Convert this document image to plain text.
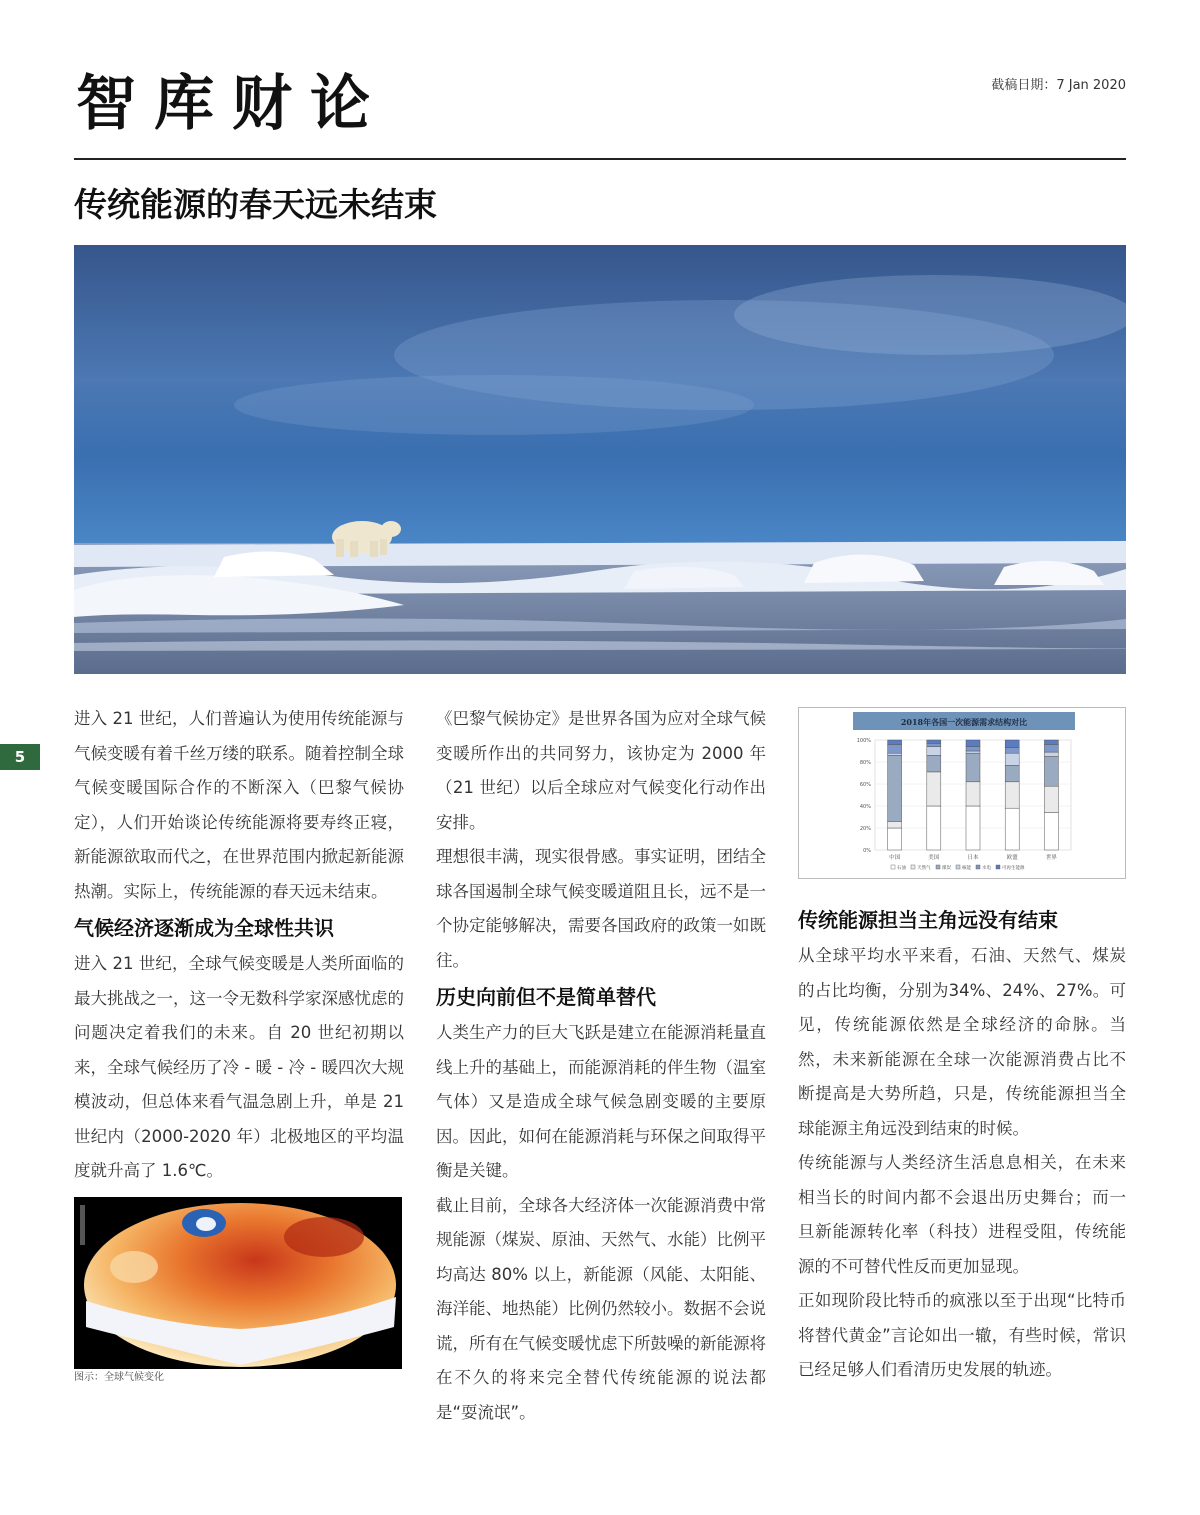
智库财论	截稿日期：7 Jan 2020
传统能源的春天远未结束
5

进入 21 世纪，人们普遍认为使用传统能源与气候变暖有着千丝万缕的联系。随着控制全球气候变暖国际合作的不断深入（巴黎气候协定），人们开始谈论传统能源将要寿终正寝，新能源欲取而代之，在世界范围内掀起新能源热潮。实际上，传统能源的春天远未结束。

气候经济逐渐成为全球性共识

进入 21 世纪，全球气候变暖是人类所面临的最大挑战之一，这一令无数科学家深感忧虑的问题决定着我们的未来。自 20 世纪初期以来，全球气候经历了冷 - 暖 - 冷 - 暖四次大规模波动，但总体来看气温急剧上升，单是 21 世纪内（2000-2020 年）北极地区的平均温度就升高了 1.6℃。

图示：全球气候变化

《巴黎气候协定》是世界各国为应对全球气候变暖所作出的共同努力，该协定为 2000 年（21 世纪）以后全球应对气候变化行动作出安排。

理想很丰满，现实很骨感。事实证明，团结全球各国遏制全球气候变暖道阻且长，远不是一个协定能够解决，需要各国政府的政策一如既往。

历史向前但不是简单替代

人类生产力的巨大飞跃是建立在能源消耗量直线上升的基础上，而能源消耗的伴生物（温室气体）又是造成全球气候急剧变暖的主要原因。因此，如何在能源消耗与环保之间取得平衡是关键。

截止目前，全球各大经济体一次能源消费中常规能源（煤炭、原油、天然气、水能）比例平均高达 80% 以上，新能源（风能、太阳能、海洋能、地热能）比例仍然较小。数据不会说谎，所有在气候变暖忧虑下所鼓噪的新能源将在不久的将来完全替代传统能源的说法都是“耍流氓”。

2018年各国一次能源需求结构对比
0%
20%
40%
60%
80%
100%
中国	美国	日本	欧盟	世界
石油 天然气	煤炭 核能 水电 可再生能源
传统能源担当主角远没有结束

从全球平均水平来看，石油、天然气、煤炭的占比均衡，分别为34%、24%、27%。可见，传统能源依然是全球经济的命脉。当然，未来新能源在全球一次能源消费占比不断提高是大势所趋，只是，传统能源担当全球能源主角远没到结束的时候。

传统能源与人类经济生活息息相关，在未来相当长的时间内都不会退出历史舞台；而一旦新能源转化率（科技）进程受阻，传统能源的不可替代性反而更加显现。

正如现阶段比特币的疯涨以至于出现“比特币将替代黄金”言论如出一辙，有些时候，常识已经足够人们看清历史发展的轨迹。
